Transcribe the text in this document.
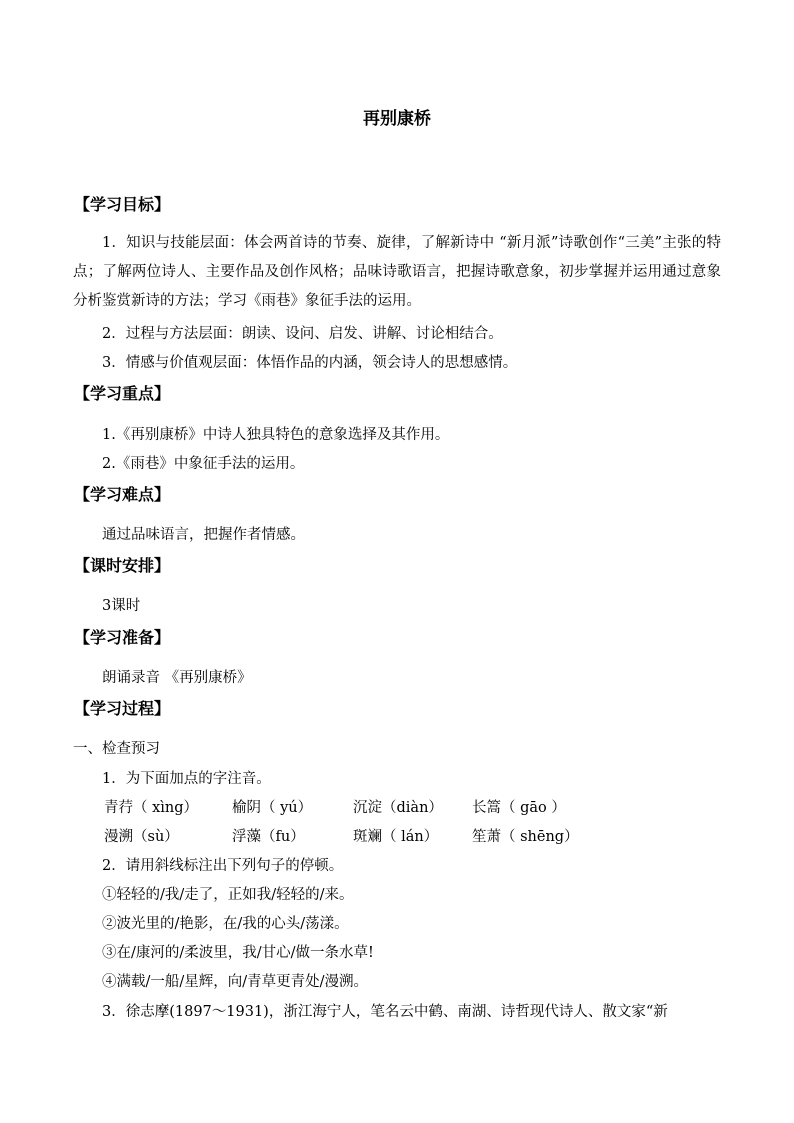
再别康桥
【学习目标】
1．知识与技能层面：体会两首诗的节奏、旋律，了解新诗中 “新月派”诗歌创作“三美”主张的特点；了解两位诗人、主要作品及创作风格；品味诗歌语言，把握诗歌意象，初步掌握并运用通过意象分析鉴赏新诗的方法；学习《雨巷》象征手法的运用。
2．过程与方法层面：朗读、设问、启发、讲解、讨论相结合。
3．情感与价值观层面：体悟作品的内涵，领会诗人的思想感情。
【学习重点】
1.《再别康桥》中诗人独具特色的意象选择及其作用。
2.《雨巷》中象征手法的运用。
【学习难点】
通过品味语言，把握作者情感。
【课时安排】
3课时
【学习准备】
朗诵录音 《再别康桥》
【学习过程】
一、检查预习
1．为下面加点的字注音。
青荇（ xìng） 榆阴（ yú）	沉淀（diàn） 长篙（ gāo ）
漫溯（sù）	浮藻（fu）	斑斓（ lán） 笙萧（ shēng）
2．请用斜线标注出下列句子的停顿。
①轻轻的/我/走了，正如我/轻轻的/来。
②波光里的/艳影，在/我的心头/荡漾。
③在/康河的/柔波里，我/甘心/做一条水草!
④满载/一船/星辉，向/青草更青处/漫溯。
3．徐志摩(1897～1931)，浙江海宁人，笔名云中鹤、南湖、诗哲现代诗人、散文家“新
